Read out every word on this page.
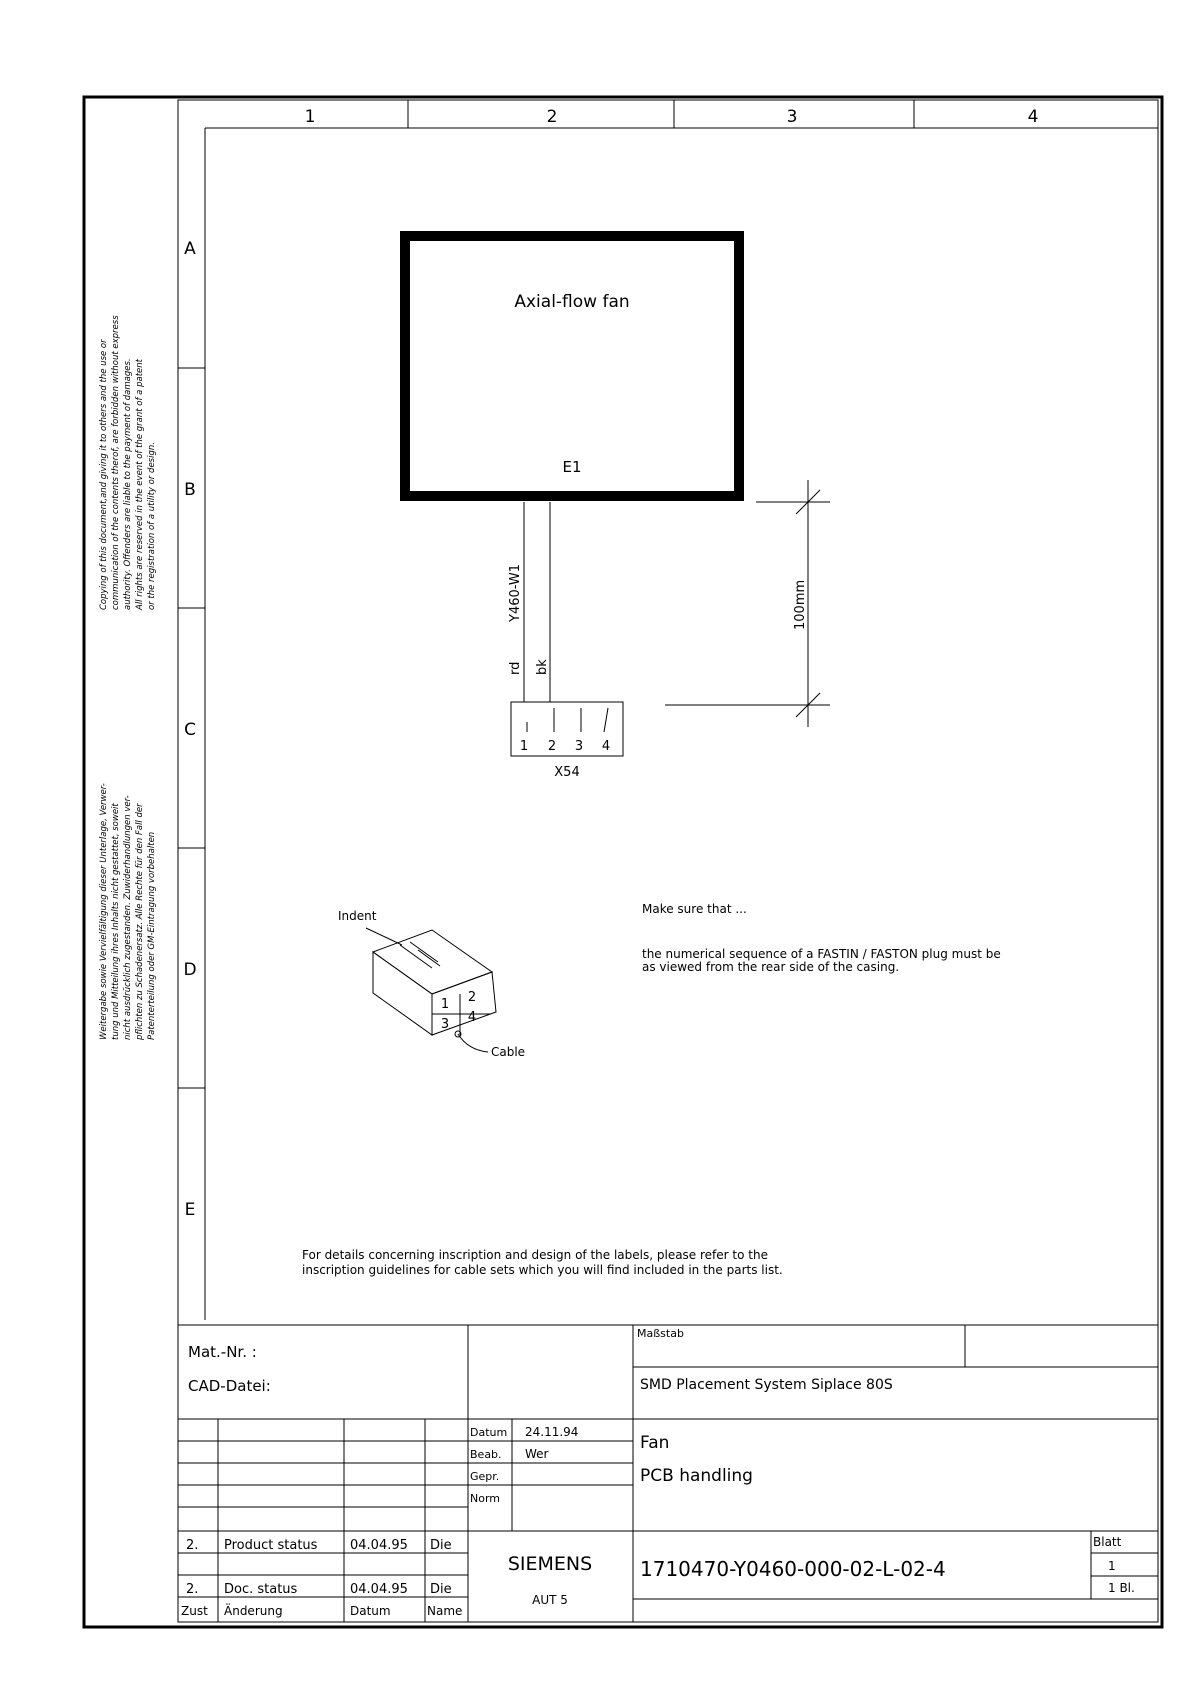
1	2	3	4
A
B
C
D
E
Copying of this document,and giving it to others and the use or communication of the contents therof, are forbidden without express authority. Offenders are liable to the payment of damages. All rights are reserved in the event of the grant of a patent or the registration of a utility or design.
Weitergabe sowie Vervielfältigung dieser Unterlage, Verwer- tung und Mitteilung ihres Inhalts nicht gestattet, soweit nicht ausdrücklich zugestanden. Zuwiderhandlungen ver- pflichten zu Schadenersatz. Alle Rechte für den Fall der Patenterteilung oder GM-Eintragung vorbehalten
Axial-flow fan
E1
Y460-W1
rd bk
100mm
1 2 3 4
X54
1 2
3 4
Indent
Cable
Make sure that ...
the numerical sequence of a FASTIN / FASTON plug must be
as viewed from the rear side of the casing.
For details concerning inscription and design of the labels, please refer to the
inscription guidelines for cable sets which you will find included in the parts list.
Mat.-Nr. :
CAD-Datei:
Maßstab
SMD Placement System Siplace 80S
Datum 24.11.94
Beab. Wer
Gepr.
Norm
Fan
PCB handling
2. Product status	04.04.95 Die
2. Doc. status	04.04.95 Die
Zust Änderung	Datum	Name
SIEMENS
AUT 5
1710470-Y0460-000-02-L-02-4
Blatt
1
1 Bl.
